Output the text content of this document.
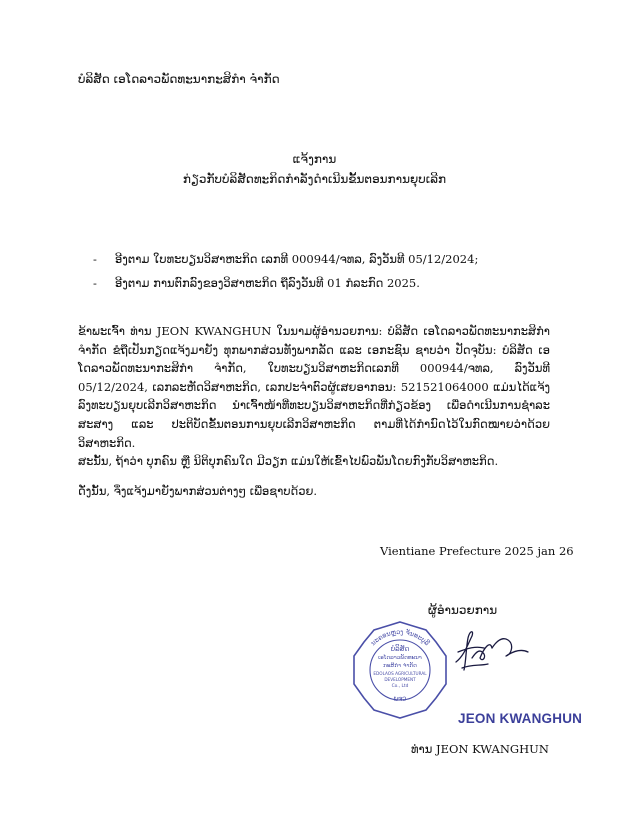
ບໍລິສັດ ເອໂດລາວພັດທະນາກະສິກຳ ຈຳກັດ
ແຈ້ງການ
ກ່ຽວກັບບໍລິສັດທະກິດກຳລັງດຳເນີນຂັ້ນຕອນການຍຸບເລີກ
- ອີງຕາມ ໃບທະບຽນວິສາຫະກິດ ເລກທີ 000944/ຈທລ, ລົງວັນທີ 05/12/2024;
- ອີງຕາມ ການຕົກລົງຂອງວິສາຫະກິດ ຖືລົງວັນທີ 01 ກໍລະກົດ 2025.

ຂ້າພະເຈົ້າ ທ່ານ JEON KWANGHUN ໃນນາມຜູ້ອຳນວຍການ: ບໍລິສັດ ເອໂດລາວພັດທະນາກະສິກຳ ຈຳກັດ ຂໍຖືເປັນກຽດແຈ້ງມາຍັງ ທຸກພາກສ່ວນທັງພາກລັດ ແລະ ເອກະຊົນ ຊາບວ່າ ປັດຈຸບັນ: ບໍລິສັດ ເອໂດລາວພັດທະນາກະສິກຳ ຈຳກັດ, ໃບທະບຽນວິສາຫະກິດເລກທີ 000944/ຈທລ, ລົງວັນທີ 05/12/2024, ເລກລະຫັດວິສາຫະກິດ, ເລກປະຈຳຕົວຜູ້ເສຍອາກອນ: 521521064000 ແມ່ນໄດ້ແຈ້ງລົງທະບຽນຍຸບເລີກວິສາຫະກິດ ນຳເຈົ້າໜ້າທີ່ທະບຽນວິສາຫະກິດທີ່ກ່ຽວຂ້ອງ ເພື່ອດຳເນີນການຊຳລະສະສາງ ແລະ ປະຕິບັດຂັ້ນຕອນການຍຸບເລີກວິສາຫະກິດ ຕາມທີ່ໄດ້ກຳນົດໄວ້ໃນກົດໝາຍວ່າດ້ວຍວິສາຫະກິດ.

ສະນັ້ນ, ຖ້າວ່າ ບຸກຄົນ ຫຼື ນິຕິບຸກຄົນໃດ ມີວຽກ ແມ່ນໃຫ້ເຂົ້າໄປພົວພັນໂດຍກົງກັບວິສາຫະກິດ.

ດັ່ງນັ້ນ, ຈຶ່ງແຈ້ງມາຍັງພາກສ່ວນຕ່າງໆ ເພື່ອຊາບດ້ວຍ.

Vientiane Prefecture 2025 jan 26
ຜູ້ອຳນວຍການ
ນະຄອນຫຼວງ ຈັນທະບູລີ
ພຈວ
ບໍລິສັດ
ເອໂດລາວພັດທະນາ
ກະສິກຳ ຈຳກັດ
EDOLAOS AGRICULTURAL
DEVELOPMENT
Co., Ltd
JEON KWANGHUN
ທ່ານ JEON KWANGHUN
